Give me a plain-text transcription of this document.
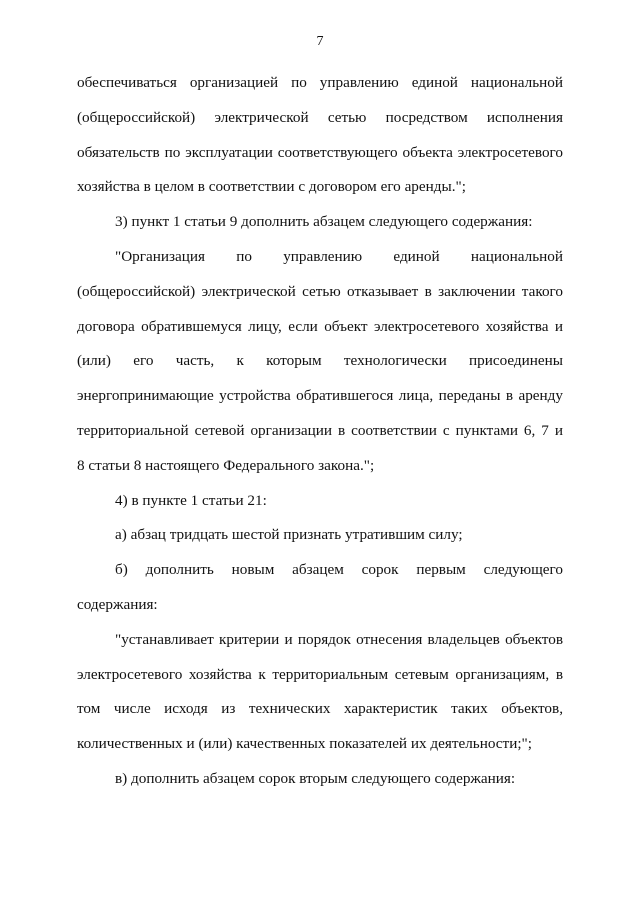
7

обеспечиваться организацией по управлению единой национальной
(общероссийской) электрической сетью посредством исполнения
обязательств по эксплуатации соответствующего объекта электросетевого
хозяйства в целом в соответствии с договором его аренды.";

3) пункт 1 статьи 9 дополнить абзацем следующего содержания:

"Организация по управлению единой национальной
(общероссийской) электрической сетью отказывает в заключении такого
договора обратившемуся лицу, если объект электросетевого хозяйства и
(или) его часть, к которым технологически присоединены
энергопринимающие устройства обратившегося лица, переданы в аренду
территориальной сетевой организации в соответствии с пунктами 6, 7 и
8 статьи 8 настоящего Федерального закона.";

4) в пункте 1 статьи 21:

а) абзац тридцать шестой признать утратившим силу;

б) дополнить новым абзацем сорок первым следующего
содержания:

"устанавливает критерии и порядок отнесения владельцев объектов
электросетевого хозяйства к территориальным сетевым организациям, в
том числе исходя из технических характеристик таких объектов,
количественных и (или) качественных показателей их деятельности;";

в) дополнить абзацем сорок вторым следующего содержания:
